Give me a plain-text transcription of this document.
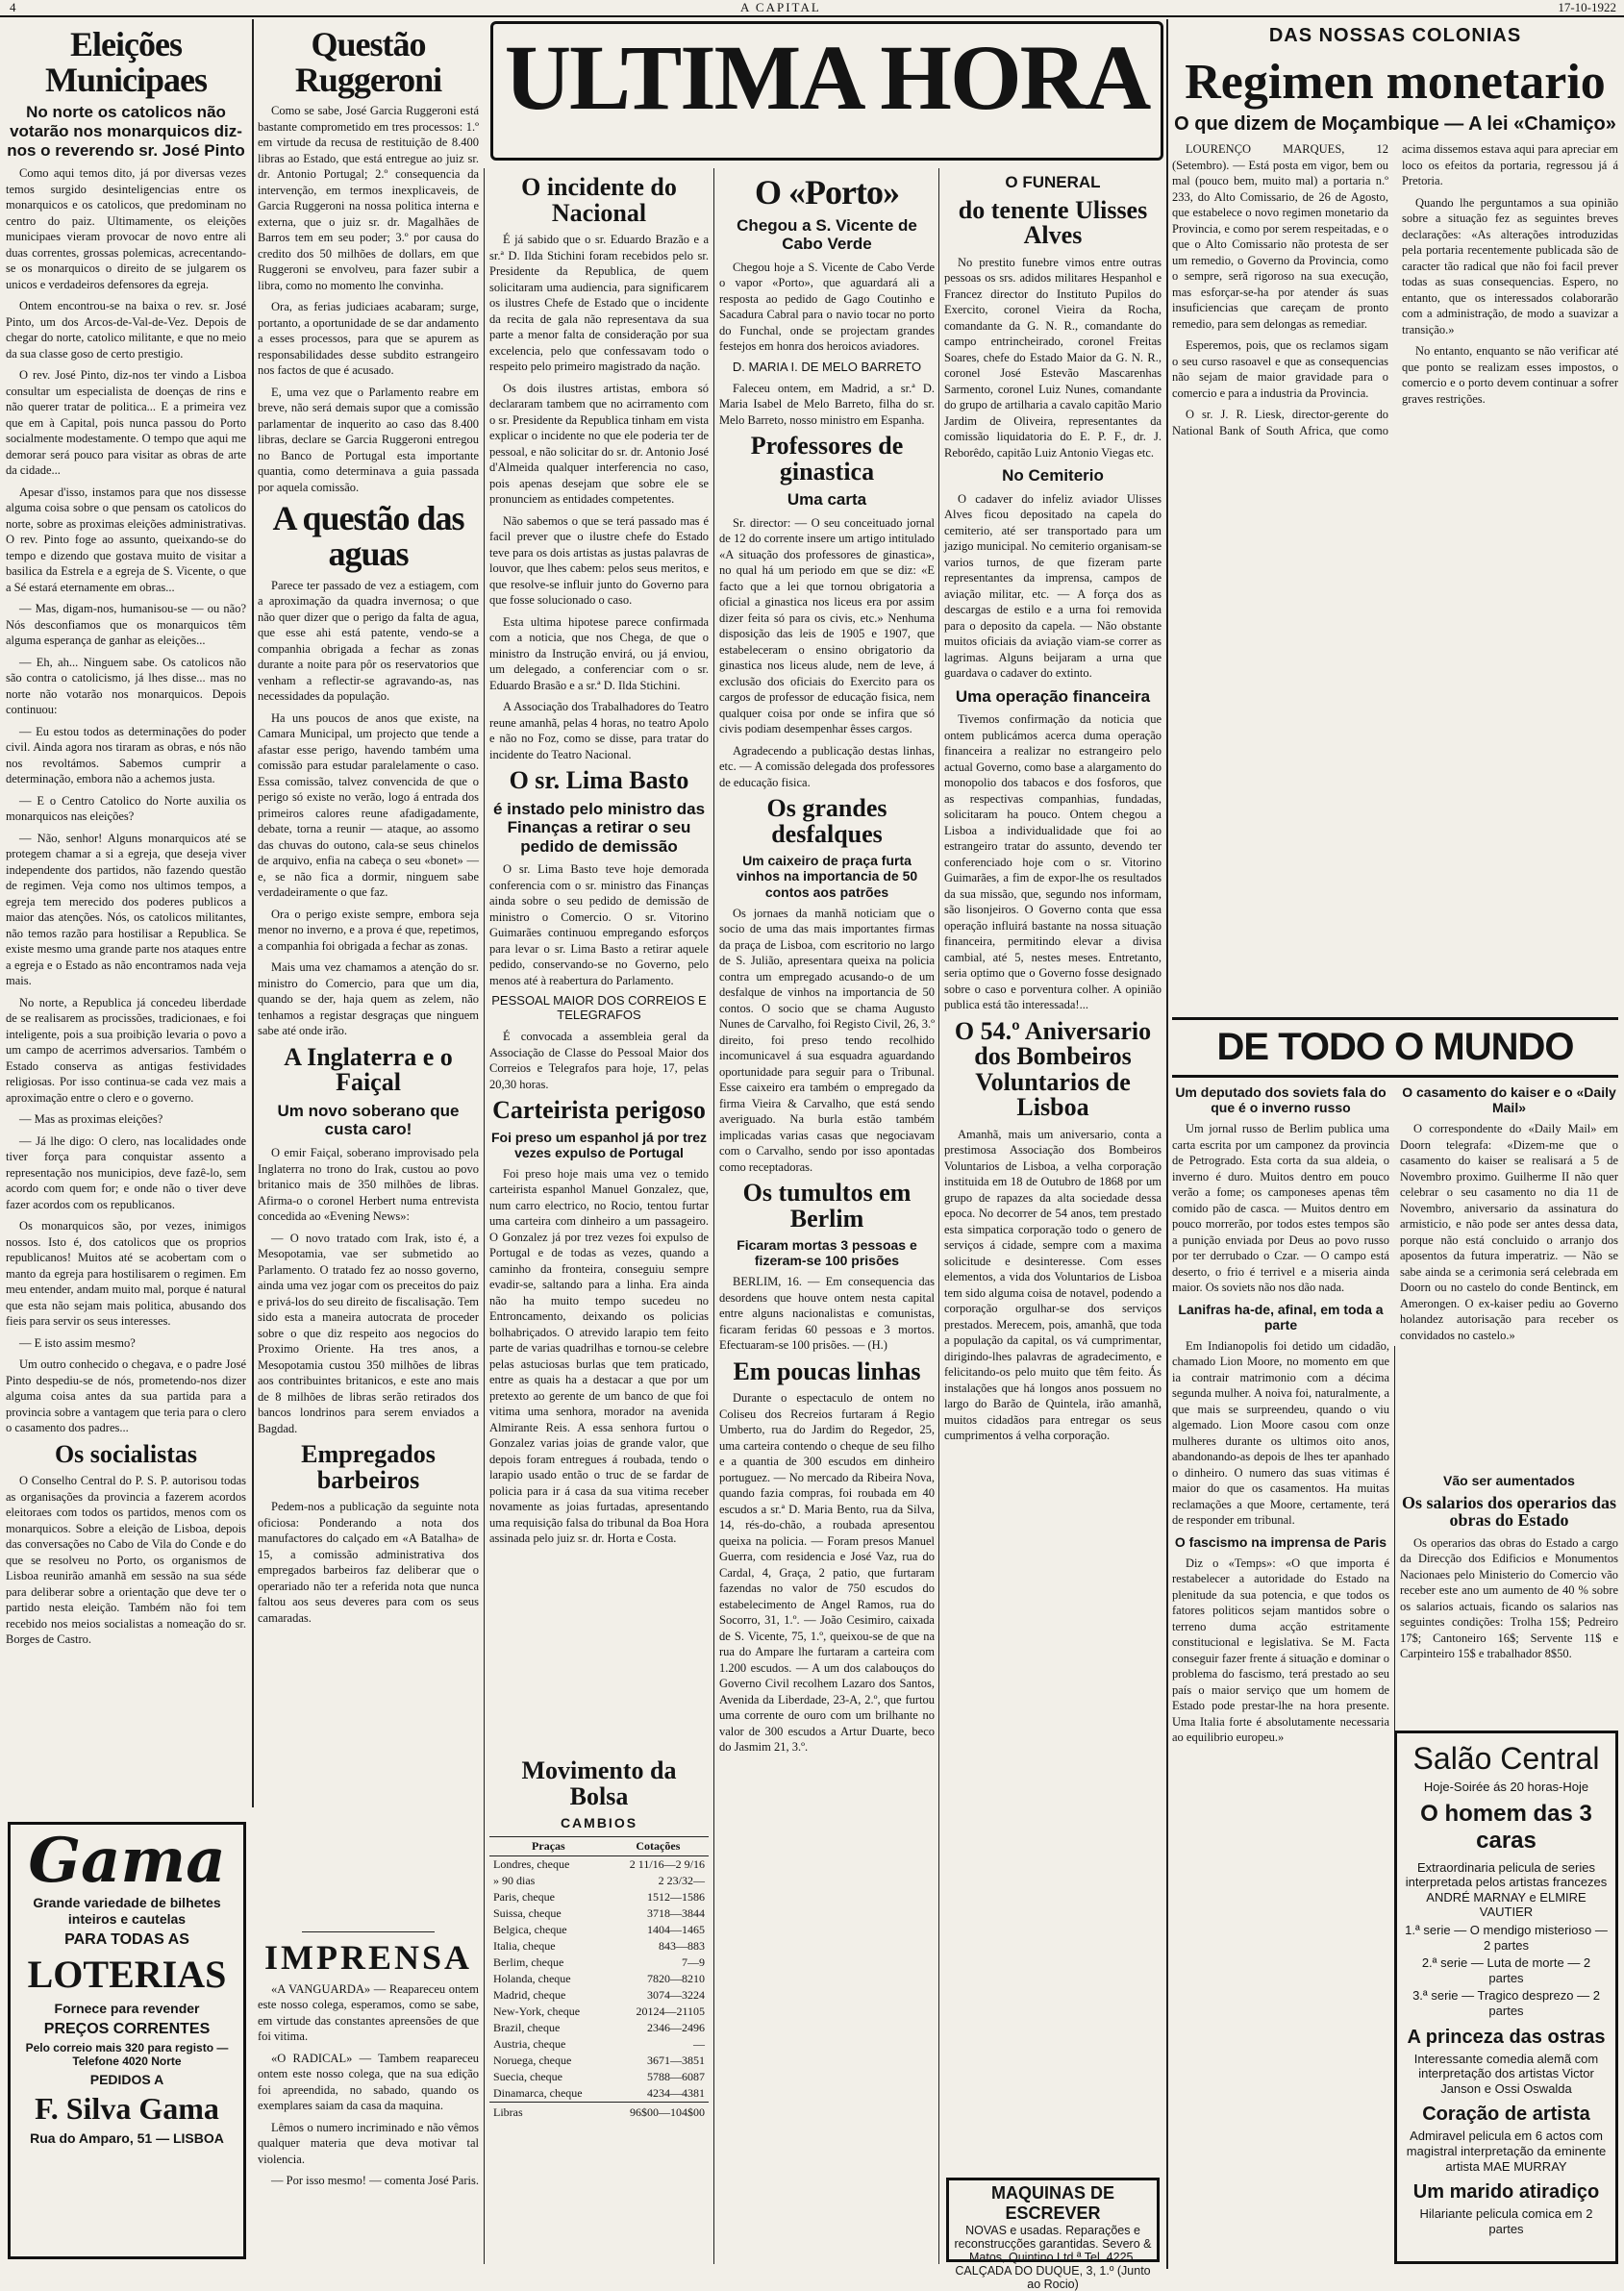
4	A CAPITAL	17-10-1922
ULTIMA HORA
Eleições Municipaes
No norte os catolicos não votarão nos monarquicos diz-nos o reverendo sr. José Pinto

Como aqui temos dito, já por diversas vezes temos surgido desinteligencias entre os monarquicos e os catolicos, que predominam no centro do paiz. Ultimamente, os eleições municipaes vieram provocar de novo entre ali duas correntes, grossas polemicas, acrecentando-se os monarquicos o direito de se julgarem os unicos e verdadeiros defensores da egreja.

Ontem encontrou-se na baixa o rev. sr. José Pinto, um dos Arcos-de-Val-de-Vez. Depois de chegar do norte, catolico militante, e que no meio da sua classe goso de certo prestigio.

O rev. José Pinto, diz-nos ter vindo a Lisboa consultar um especialista de doenças de rins e não querer tratar de politica... E a primeira vez que em à Capital, pois nunca passou do Porto socialmente modestamente. O tempo que aqui me demorar será pouco para visitar as obras de arte da cidade...

Apesar d'isso, instamos para que nos dissesse alguma coisa sobre o que pensam os catolicos do norte, sobre as proximas eleições administrativas. O rev. Pinto foge ao assunto, queixando-se do tempo e dizendo que gostava muito de visitar a basilica da Estrela e a egreja de S. Vicente, o que a Sé estará eternamente em obras...

— Mas, digam-nos, humanisou-se — ou não? Nós desconfiamos que os monarquicos têm alguma esperança de ganhar as eleições...

— Eh, ah... Ninguem sabe. Os catolicos não são contra o catolicismo, já lhes disse... mas no norte não votarão nos monarquicos. Depois continuou:

— Eu estou todos as determinações do poder civil. Ainda agora nos tiraram as obras, e nós não nos revoltámos. Sabemos cumprir a determinação, embora não a achemos justa.

— E o Centro Catolico do Norte auxilia os monarquicos nas eleições?

— Não, senhor! Alguns monarquicos até se protegem chamar a si a egreja, que deseja viver independente dos partidos, não fazendo questão de regimen. Veja como nos ultimos tempos, a egreja tem merecido dos poderes publicos a maior das atenções. Nós, os catolicos militantes, não temos razão para hostilisar a Republica. Se existe mesmo uma grande parte nos ataques entre a egreja e o Estado as não encontramos nada veja mais.

No norte, a Republica já concedeu liberdade de se realisarem as procissões, tradicionaes, e foi inteligente, pois a sua proibição levaria o povo a um campo de acerrimos adversarios. Também o Estado conserva as antigas festividades religiosas. Por isso continua-se cada vez mais a aproximação entre o clero e o governo.

— Mas as proximas eleições?

— Já lhe digo: O clero, nas localidades onde tiver força para conquistar assento a representação nos municipios, deve fazê-lo, sem acordo com quem for; e onde não o tiver deve fazer acordos com os republicanos.

Os monarquicos são, por vezes, inimigos nossos. Isto é, dos catolicos que os proprios republicanos! Muitos até se acobertam com o manto da egreja para hostilisarem o regimen. Em meu entender, andam muito mal, porque é natural que esta não sejam mais politica, abusando dos fieis para servir os seus interesses.

— E isto assim mesmo?

Um outro conhecido o chegava, e o padre José Pinto despediu-se de nós, prometendo-nos dizer alguma coisa antes da sua partida para a provincia sobre a vantagem que teria para o clero o casamento dos padres...

Os socialistas

O Conselho Central do P. S. P. autorisou todas as organisações da provincia a fazerem acordos eleitoraes com todos os partidos, menos com os monarquicos. Sobre a eleição de Lisboa, depois das conversações no Cabo de Vila do Conde e do que se resolveu no Porto, os organismos de Lisboa reunirão amanhã em sessão na sua séde para deliberar sobre a orientação que deve ter o partido nesta eleição. Também não foi tem recebido nos meios socialistas a nomeação do sr. Borges de Castro.

Gama
Grande variedade de bilhetes inteiros e cautelas
PARA TODAS AS
LOTERIAS
Fornece para revender
PREÇOS CORRENTES
Pelo correio mais 320 para registo — Telefone 4020 Norte
PEDIDOS A
F. Silva Gama
Rua do Amparo, 51 — LISBOA
Questão Ruggeroni

Como se sabe, José Garcia Ruggeroni está bastante comprometido em tres processos: 1.º em virtude da recusa de restituição de 8.400 libras ao Estado, que está entregue ao juiz sr. dr. Antonio Portugal; 2.º consequencia da intervenção, em termos inexplicaveis, de Garcia Ruggeroni na nossa politica interna e externa, que o juiz sr. dr. Magalhães de Barros tem em seu poder; 3.º por causa do credito dos 50 milhões de dollars, em que Ruggeroni se envolveu, para fazer subir a libra, como no momento lhe convinha.

Ora, as ferias judiciaes acabaram; surge, portanto, a oportunidade de se dar andamento a esses processos, para que se apurem as responsabilidades desse subdito estrangeiro nos factos de que é acusado.

E, uma vez que o Parlamento reabre em breve, não será demais supor que a comissão parlamentar de inquerito ao caso das 8.400 libras, declare se Garcia Ruggeroni entregou no Banco de Portugal esta importante quantia, como determinava a guia passada por aquela comissão.

A questão das aguas

Parece ter passado de vez a estiagem, com a aproximação da quadra invernosa; o que não quer dizer que o perigo da falta de agua, que esse ahi está patente, vendo-se a companhia obrigada a fechar as zonas durante a noite para pôr os reservatorios que venham a reflectir-se agravando-as, nas necessidades da população.

Ha uns poucos de anos que existe, na Camara Municipal, um projecto que tende a afastar esse perigo, havendo também uma comissão para estudar paralelamente o caso. Essa comissão, talvez convencida de que o perigo só existe no verão, logo á entrada dos primeiros calores reune afadigadamente, debate, torna a reunir — ataque, ao assomo das chuvas do outono, cala-se seus chinelos de arquivo, enfia na cabeça o seu «bonet» — e, se não fica a dormir, ninguem sabe verdadeiramente o que faz.

Ora o perigo existe sempre, embora seja menor no inverno, e a prova é que, repetimos, a companhia foi obrigada a fechar as zonas.

Mais uma vez chamamos a atenção do sr. ministro do Comercio, para que um dia, quando se der, haja quem as zelem, não tenhamos a registar desgraças que ninguem sabe até onde irão.

A Inglaterra e o Faiçal
Um novo soberano que custa caro!

O emir Faiçal, soberano improvisado pela Inglaterra no trono do Irak, custou ao povo britanico mais de 350 milhões de libras. Afirma-o o coronel Herbert numa entrevista concedida ao «Evening News»:

— O novo tratado com Irak, isto é, a Mesopotamia, vae ser submetido ao Parlamento. O tratado fez ao nosso governo, ainda uma vez jogar com os preceitos do paiz e privá-los do seu direito de fiscalisação. Tem sido esta a maneira autocrata de proceder sobre o que diz respeito aos negocios do Proximo Oriente. Ha tres anos, a Mesopotamia custou 350 milhões de libras aos contribuintes britanicos, e este ano mais de 8 milhões de libras serão retirados dos bancos londrinos para serem enviados a Bagdad.

Empregados barbeiros

Pedem-nos a publicação da seguinte nota oficiosa: Ponderando a nota dos manufactores do calçado em «A Batalha» de 15, a comissão administrativa dos empregados barbeiros faz deliberar que o operariado não ter a referida nota que nunca faltou aos seus deveres para com os seus camaradas.

IMPRENSA

«A VANGUARDA» — Reapareceu ontem este nosso colega, esperamos, como se sabe, em virtude das constantes apreensões de que foi vitima.

«O RADICAL» — Tambem reapareceu ontem este nosso colega, que na sua edição foi apreendida, no sabado, quando os exemplares saiam da casa da maquina.

Lêmos o numero incriminado e não vêmos qualquer materia que deva motivar tal violencia.

— Por isso mesmo! — comenta José Paris.

O incidente do Nacional

É já sabido que o sr. Eduardo Brazão e a sr.ª D. Ilda Stichini foram recebidos pelo sr. Presidente da Republica, de quem solicitaram uma audiencia, para significarem os ilustres Chefe de Estado que o incidente da recita de gala não representava da sua parte a menor falta de consideração por sua excelencia, pelo que confessavam todo o respeito pelo primeiro magistrado da nação.

Os dois ilustres artistas, embora só declararam tambem que no acirramento com o sr. Presidente da Republica tinham em vista explicar o incidente no que ele poderia ter de pessoal, e não solicitar do sr. dr. Antonio José d'Almeida qualquer interferencia no caso, pois apenas desejam que sobre ele se pronunciem as entidades competentes.

Não sabemos o que se terá passado mas é facil prever que o ilustre chefe do Estado teve para os dois artistas as justas palavras de louvor, que lhes cabem: pelos seus meritos, e que resolve-se influir junto do Governo para que fosse solucionado o caso.

Esta ultima hipotese parece confirmada com a noticia, que nos Chega, de que o ministro da Instrução envirá, ou já enviou, um delegado, a conferenciar com o sr. Eduardo Brasão e a sr.ª D. Ilda Stichini.

A Associação dos Trabalhadores do Teatro reune amanhã, pelas 4 horas, no teatro Apolo e não no Foz, como se disse, para tratar do incidente do Teatro Nacional.

O sr. Lima Basto
é instado pelo ministro das Finanças a retirar o seu pedido de demissão

O sr. Lima Basto teve hoje demorada conferencia com o sr. ministro das Finanças ainda sobre o seu pedido de demissão de ministro o Comercio. O sr. Vitorino Guimarães continuou empregando esforços para levar o sr. Lima Basto a retirar aquele pedido, conservando-se no Governo, pelo menos até à reabertura do Parlamento.

PESSOAL MAIOR DOS CORREIOS E TELEGRAFOS

É convocada a assembleia geral da Associação de Classe do Pessoal Maior dos Correios e Telegrafos para hoje, 17, pelas 20,30 horas.

Carteirista perigoso
Foi preso um espanhol já por trez vezes expulso de Portugal

Foi preso hoje mais uma vez o temido carteirista espanhol Manuel Gonzalez, que, num carro electrico, no Rocio, tentou furtar uma carteira com dinheiro a um passageiro. O Gonzalez já por trez vezes foi expulso de Portugal e de todas as vezes, quando a caminho da fronteira, conseguiu sempre evadir-se, saltando para a linha. Era ainda não ha muito tempo sucedeu no Entroncamento, deixando os policias bolhabriçados. O atrevido larapio tem feito parte de varias quadrilhas e tornou-se celebre pelas astuciosas burlas que tem praticado, entre as quais ha a destacar a que por um pretexto ao gerente de um banco de que foi vitima uma senhora, morador na avenida Almirante Reis. A essa senhora furtou o Gonzalez varias joias de grande valor, que depois foram entregues á roubada, tendo o larapio usado então o truc de se fardar de policia para ir á casa da sua vitima receber novamente as joias furtadas, apresentando uma requisição falsa do tribunal da Boa Hora assinada pelo juiz sr. dr. Horta e Costa.

Movimento da Bolsa
CAMBIOS
Praças	Cotações
Londres, cheque	2 11/16—2 9/16
» 90 dias	2 23/32—
Paris, cheque	1512—1586
Suissa, cheque	3718—3844
Belgica, cheque	1404—1465
Italia, cheque	843—883
Berlim, cheque	7—9
Holanda, cheque	7820—8210
Madrid, cheque	3074—3224
New-York, cheque	20124—21105
Brazil, cheque	2346—2496
Austria, cheque	—
Noruega, cheque	3671—3851
Suecia, cheque	5788—6087
Dinamarca, cheque	4234—4381
Libras	96$00—104$00
O «Porto»
Chegou a S. Vicente de Cabo Verde

Chegou hoje a S. Vicente de Cabo Verde o vapor «Porto», que aguardará ali a resposta ao pedido de Gago Coutinho e Sacadura Cabral para o navio tocar no porto do Funchal, onde se projectam grandes festejos em honra dos heroicos aviadores.

D. MARIA I. DE MELO BARRETO

Faleceu ontem, em Madrid, a sr.ª D. Maria Isabel de Melo Barreto, filha do sr. Melo Barreto, nosso ministro em Espanha.

Professores de ginastica
Uma carta

Sr. director: — O seu conceituado jornal de 12 do corrente insere um artigo intitulado «A situação dos professores de ginastica», no qual há um periodo em que se diz: «E facto que a lei que tornou obrigatoria a oficial a ginastica nos liceus era por assim dizer feita só para os civis, etc.» Nenhuma disposição das leis de 1905 e 1907, que estabeleceram o ensino obrigatorio da ginastica nos liceus alude, nem de leve, á exclusão dos oficiais do Exercito para os cargos de professor de educação fisica, nem qualquer coisa por onde se infira que só civis podiam desempenhar êsses cargos.

Agradecendo a publicação destas linhas, etc. — A comissão delegada dos professores de educação fisica.

Os grandes desfalques
Um caixeiro de praça furta vinhos na importancia de 50 contos aos patrões

Os jornaes da manhã noticiam que o socio de uma das mais importantes firmas da praça de Lisboa, com escritorio no largo de S. Julião, apresentara queixa na policia contra um empregado acusando-o de um desfalque de vinhos na importancia de 50 contos. O socio que se chama Augusto Nunes de Carvalho, foi Registo Civil, 26, 3.º direito, foi preso tendo recolhido incomunicavel á sua esquadra aguardando oportunidade para seguir para o Tribunal. Esse caixeiro era também o empregado da firma Vieira & Carvalho, que está sendo averiguado. Na burla estão também implicadas varias casas que negociavam com o Carvalho, sendo por isso apontadas como receptadoras.

Os tumultos em Berlim
Ficaram mortas 3 pessoas e fizeram-se 100 prisões

BERLIM, 16. — Em consequencia das desordens que houve ontem nesta capital entre alguns nacionalistas e comunistas, ficaram feridas 60 pessoas e 3 mortos. Efectuaram-se 100 prisões. — (H.)

Em poucas linhas

Durante o espectaculo de ontem no Coliseu dos Recreios furtaram á Regio Umberto, rua do Jardim do Regedor, 25, uma carteira contendo o cheque de seu filho e a quantia de 300 escudos em dinheiro portuguez. — No mercado da Ribeira Nova, quando fazia compras, foi roubada em 40 escudos a sr.ª D. Maria Bento, rua da Silva, 14, rés-do-chão, a roubada apresentou queixa na policia. — Foram presos Manuel Guerra, com residencia e José Vaz, rua do Cardal, 4, Graça, 2 patio, que furtaram fazendas no valor de 750 escudos do estabelecimento de Angel Ramos, rua do Socorro, 31, 1.º. — João Cesimiro, caixada de S. Vicente, 75, 1.º, queixou-se de que na rua do Ampare lhe furtaram a carteira com 1.200 escudos. — A um dos calabouços do Governo Civil recolhem Lazaro dos Santos, Avenida da Liberdade, 23-A, 2.º, que furtou uma corrente de ouro com um brilhante no valor de 300 escudos a Artur Duarte, beco do Jasmim 21, 3.º.

O FUNERAL
do tenente Ulisses Alves

No prestito funebre vimos entre outras pessoas os srs. adidos militares Hespanhol e Francez director do Instituto Pupilos do Exercito, coronel Vieira da Rocha, comandante da G. N. R., comandante do campo entrincheirado, coronel Freitas Soares, chefe do Estado Maior da G. N. R., coronel José Estevão Mascarenhas Sarmento, coronel Luiz Nunes, comandante do grupo de artilharia a cavalo capitão Mario Jardim de Oliveira, representantes da comissão liquidatoria do E. P. F., dr. J. Reborêdo, capitão Luiz Antonio Viegas etc.

No Cemiterio

O cadaver do infeliz aviador Ulisses Alves ficou depositado na capela do cemiterio, até ser transportado para um jazigo municipal. No cemiterio organisam-se varios turnos, de que fizeram parte representantes da imprensa, campos de aviação militar, etc. — A força dos as descargas de estilo e a urna foi removida para o deposito da capela. — Não obstante muitos oficiais da aviação viam-se correr as lagrimas. Alguns beijaram a urna que guardava o cadaver do extinto.

Uma operação financeira

Tivemos confirmação da noticia que ontem publicámos acerca duma operação financeira a realizar no estrangeiro pelo actual Governo, como base a alargamento do monopolio dos tabacos e dos fosforos, que as respectivas companhias, fundadas, solicitaram ha pouco. Ontem chegou a Lisboa a individualidade que foi ao estrangeiro tratar do assunto, devendo ter conferenciado hoje com o sr. Vitorino Guimarães, a fim de expor-lhe os resultados da sua missão, que, segundo nos informam, são lisonjeiros. O Governo conta que essa operação influirá bastante na nossa situação financeira, permitindo elevar a divisa cambial, até 5, nestes meses. Entretanto, seria optimo que o Governo fosse designado sobre o caso e porventura colher. A opinião publica está tão interessada!...

O 54.º Aniversario dos Bombeiros Voluntarios de Lisboa

Amanhã, mais um aniversario, conta a prestimosa Associação dos Bombeiros Voluntarios de Lisboa, a velha corporação instituida em 18 de Outubro de 1868 por um grupo de rapazes da alta sociedade dessa epoca. No decorrer de 54 anos, tem prestado esta simpatica corporação todo o genero de serviços á cidade, sempre com a maxima solicitude e desinteresse. Com esses elementos, a vida dos Voluntarios de Lisboa tem sido alguma coisa de notavel, podendo a corporação orgulhar-se dos serviços prestados. Merecem, pois, amanhã, que toda a população da capital, os vá cumprimentar, dirigindo-lhes palavras de agradecimento, e felicitando-os pelo muito que têm feito. Ás instalações que há longos anos possuem no largo do Barão de Quintela, irão amanhã, muitos cidadãos para entregar os seus cumprimentos á velha corporação.

MAQUINAS DE ESCREVER
NOVAS e usadas. Reparações e reconstrucções garantidas. Severo & Matos, Quintino Ltd.ª Tel. 4225.
CALÇADA DO DUQUE, 3, 1.º (Junto ao Rocio)
DAS NOSSAS COLONIAS
Regimen monetario
O que dizem de Moçambique — A lei «Chamiço»

LOURENÇO MARQUES, 12 (Setembro). — Está posta em vigor, bem ou mal (pouco bem, muito mal) a portaria n.º 233, do Alto Comissario, de 26 de Agosto, que estabelece o novo regimen monetario da Provincia, e como por serem respeitadas, e o que o Alto Comissario não protesta de ser um remedio, o Governo da Provincia, como o sempre, serã rigoroso na sua execução, mas esforçar-se-ha por atender ás suas insuficiencias que careçam de pronto remedio, para sem delongas as remediar.

Esperemos, pois, que os reclamos sigam o seu curso rasoavel e que as consequencias não sejam de maior gravidade para o comercio e para a industria da Provincia.

O sr. J. R. Liesk, director-gerente do National Bank of South Africa, que como acima dissemos estava aqui para apreciar em loco os efeitos da portaria, regressou já á Pretoria.

Quando lhe perguntamos a sua opinião sobre a situação fez as seguintes breves declarações: «As alterações introduzidas pela portaria recentemente publicada são de caracter tão radical que não foi facil prever todas as suas consequencias. Espero, no entanto, que os interessados colaborarão com a administração, de modo a suavizar a transição.»

No entanto, enquanto se não verificar até que ponto se realizam esses impostos, o comercio e o porto devem continuar a sofrer graves restrições.

DE TODO O MUNDO
Um deputado dos soviets fala do que é o inverno russo

Um jornal russo de Berlim publica uma carta escrita por um camponez da provincia de Petrogrado. Esta corta da sua aldeia, o inverno é duro. Muitos dentro em pouco verão a fome; os camponeses apenas têm comido pão de casca. — Muitos dentro em pouco morrerão, por todos estes tempos são a punição enviada por Deus ao povo russo por ter derrubado o Czar. — O campo está deserto, o frio é terrivel e a miseria ainda maior. Os soviets não nos dão nada.

Lanifras ha-de, afinal, em toda a parte

Em Indianopolis foi detido um cidadão, chamado Lion Moore, no momento em que ia contrair matrimonio com a décima segunda mulher. A noiva foi, naturalmente, a que mais se surpreendeu, quando o viu algemado. Lion Moore casou com onze mulheres durante os ultimos oito anos, abandonando-as depois de lhes ter apanhado o dinheiro. O numero das suas vitimas é maior do que os casamentos. Ha muitas reclamações a que Moore, certamente, terá de responder em tribunal.

O fascismo na imprensa de Paris

Diz o «Temps»: «O que importa é restabelecer a autoridade do Estado na plenitude da sua potencia, e que todos os fatores politicos sejam mantidos sobre o terreno duma acção estritamente constitucional e legislativa. Se M. Facta conseguir fazer frente á situação e dominar o problema do fascismo, terá prestado ao seu país o maior serviço que um homem de Estado pode prestar-lhe na hora presente. Uma Italia forte é absolutamente necessaria ao equilibrio europeu.»

O casamento do kaiser e o «Daily Mail»

O correspondente do «Daily Mail» em Doorn telegrafa: «Dizem-me que o casamento do kaiser se realisará a 5 de Novembro proximo. Guilherme II não quer celebrar o seu casamento no dia 11 de Novembro, aniversario da assinatura do armisticio, e não pode ser antes dessa data, porque não está concluido o arranjo dos aposentos da futura imperatriz. — Não se sabe ainda se a cerimonia será celebrada em Doorn ou no castelo do conde Bentinck, em Amerongen. O ex-kaiser pediu ao Governo holandez autorisação para receber os convidados no castelo.»

Vão ser aumentados
Os salarios dos operarios das obras do Estado

Os operarios das obras do Estado a cargo da Direcção dos Edificios e Monumentos Nacionaes pelo Ministerio do Comercio vão receber este ano um aumento de 40 % sobre os salarios actuais, ficando os salarios nas seguintes condições: Trolha 15$; Pedreiro 17$; Cantoneiro 16$; Servente 11$ e Carpinteiro 15$ e trabalhador 8$50.

Salão Central
Hoje-Soirée ás 20 horas-Hoje
O homem das 3 caras
Extraordinaria pelicula de series interpretada pelos artistas francezes ANDRÉ MARNAY e ELMIRE VAUTIER
1.ª serie — O mendigo misterioso — 2 partes
2.ª serie — Luta de morte — 2 partes
3.ª serie — Tragico desprezo — 2 partes
A princeza das ostras
Interessante comedia alemã com interpretação dos artistas Victor Janson e Ossi Oswalda
Coração de artista
Admiravel pelicula em 6 actos com magistral interpretação da eminente artista MAE MURRAY
Um marido atiradiço
Hilariante pelicula comica em 2 partes
